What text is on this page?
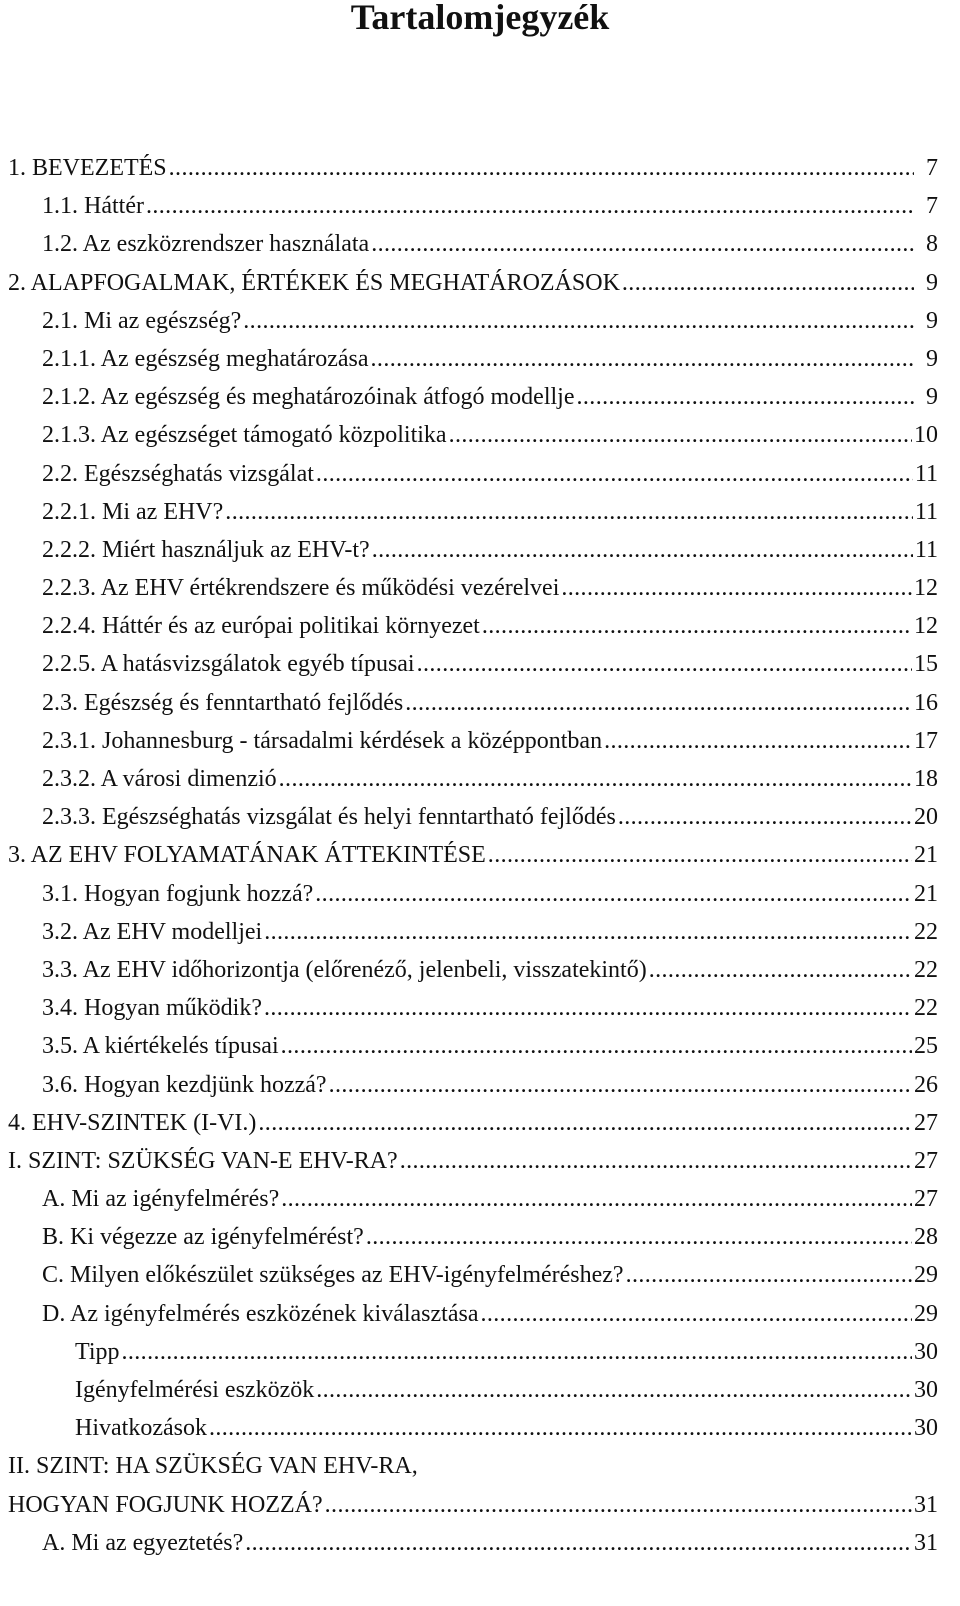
Tartalomjegyzék
1. BEVEZETÉS . . .	7
1.1. Háttér . . .	7
1.2. Az eszközrendszer használata . . .	8
2. ALAPFOGALMAK, ÉRTÉKEK ÉS MEGHATÁROZÁSOK . . .	9
2.1. Mi az egészség? . . .	9
2.1.1. Az egészség meghatározása . . .	9
2.1.2. Az egészség és meghatározóinak átfogó modellje . . .	9
2.1.3. Az egészséget támogató közpolitika . . .	10
2.2. Egészséghatás vizsgálat . . .	11
2.2.1. Mi az EHV? . . .	11
2.2.2. Miért használjuk az EHV-t? . . .	11
2.2.3. Az EHV értékrendszere és működési vezérelvei . . .	12
2.2.4. Háttér és az európai politikai környezet . . .	12
2.2.5. A hatásvizsgálatok egyéb típusai . . .	15
2.3. Egészség és fenntartható fejlődés . . .	16
2.3.1. Johannesburg - társadalmi kérdések a középpontban . . .	17
2.3.2. A városi dimenzió . . .	18
2.3.3. Egészséghatás vizsgálat és helyi fenntartható fejlődés . . .	20
3. AZ EHV FOLYAMATÁNAK ÁTTEKINTÉSE . . .	21
3.1. Hogyan fogjunk hozzá? . . .	21
3.2. Az EHV modelljei . . .	22
3.3. Az EHV időhorizontja (előrenéző, jelenbeli, visszatekintő) . . .	22
3.4. Hogyan működik? . . .	22
3.5. A kiértékelés típusai . . .	25
3.6. Hogyan kezdjünk hozzá? . . .	26
4. EHV-SZINTEK (I-VI.) . . .	27
I. SZINT: SZÜKSÉG VAN-E EHV-RA? . . .	27
A. Mi az igényfelmérés? . . .	27
B. Ki végezze az igényfelmérést? . . .	28
C. Milyen előkészület szükséges az EHV-igényfelméréshez? . . .	29
D. Az igényfelmérés eszközének kiválasztása . . .	29
Tipp . . .	30
Igényfelmérési eszközök . . .	30
Hivatkozások . . .	30
II. SZINT: HA SZÜKSÉG VAN EHV-RA,
HOGYAN FOGJUNK HOZZÁ? . . .	31
A. Mi az egyeztetés? . . .	31
